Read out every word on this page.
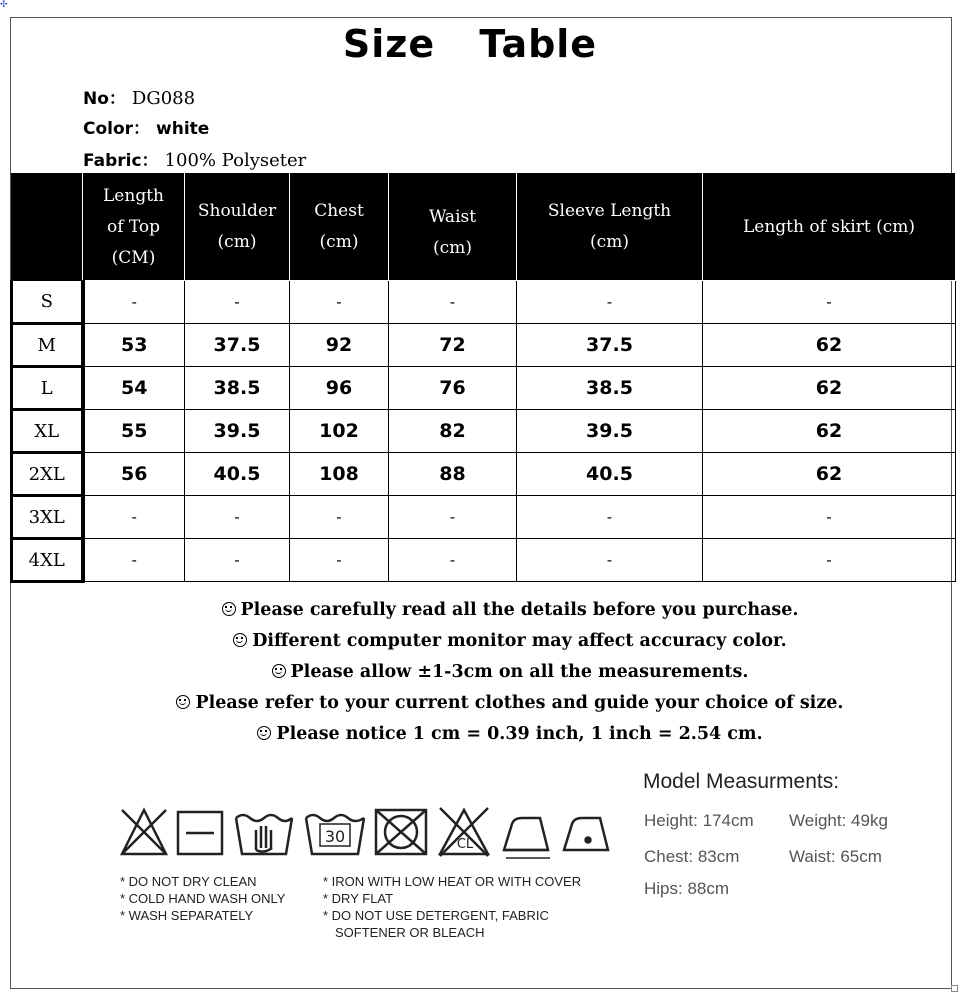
✣
Size Table
No： DG088
Color： white
Fabric： 100% Polyseter
	Length
of Top
(CM)	Shoulder
(cm)	Chest
(cm)	Waist
(cm)	Sleeve Length
(cm)	Length of skirt (cm)
S	-	-	-	-	-	-
M	53	37.5	92	72	37.5	62
L	54	38.5	96	76	38.5	62
XL	55	39.5	102	82	39.5	62
2XL	56	40.5	108	88	40.5	62
3XL	-	-	-	-	-	-
4XL	-	-	-	-	-	-
Please carefully read all the details before you purchase.
Different computer monitor may affect accuracy color.
Please allow ±1-3cm on all the measurements.
Please refer to your current clothes and guide your choice of size.
Please notice 1 cm = 0.39 inch, 1 inch = 2.54 cm.
30	CL
* DO NOT DRY CLEAN
* COLD HAND WASH ONLY
* WASH SEPARATELY
* IRON WITH LOW HEAT OR WITH COVER
* DRY FLAT
* DO NOT USE DETERGENT, FABRIC
SOFTENER OR BLEACH
Model Measurments:
Height: 174cm Weight: 49kg
Chest: 83cm	Waist: 65cm
Hips: 88cm
